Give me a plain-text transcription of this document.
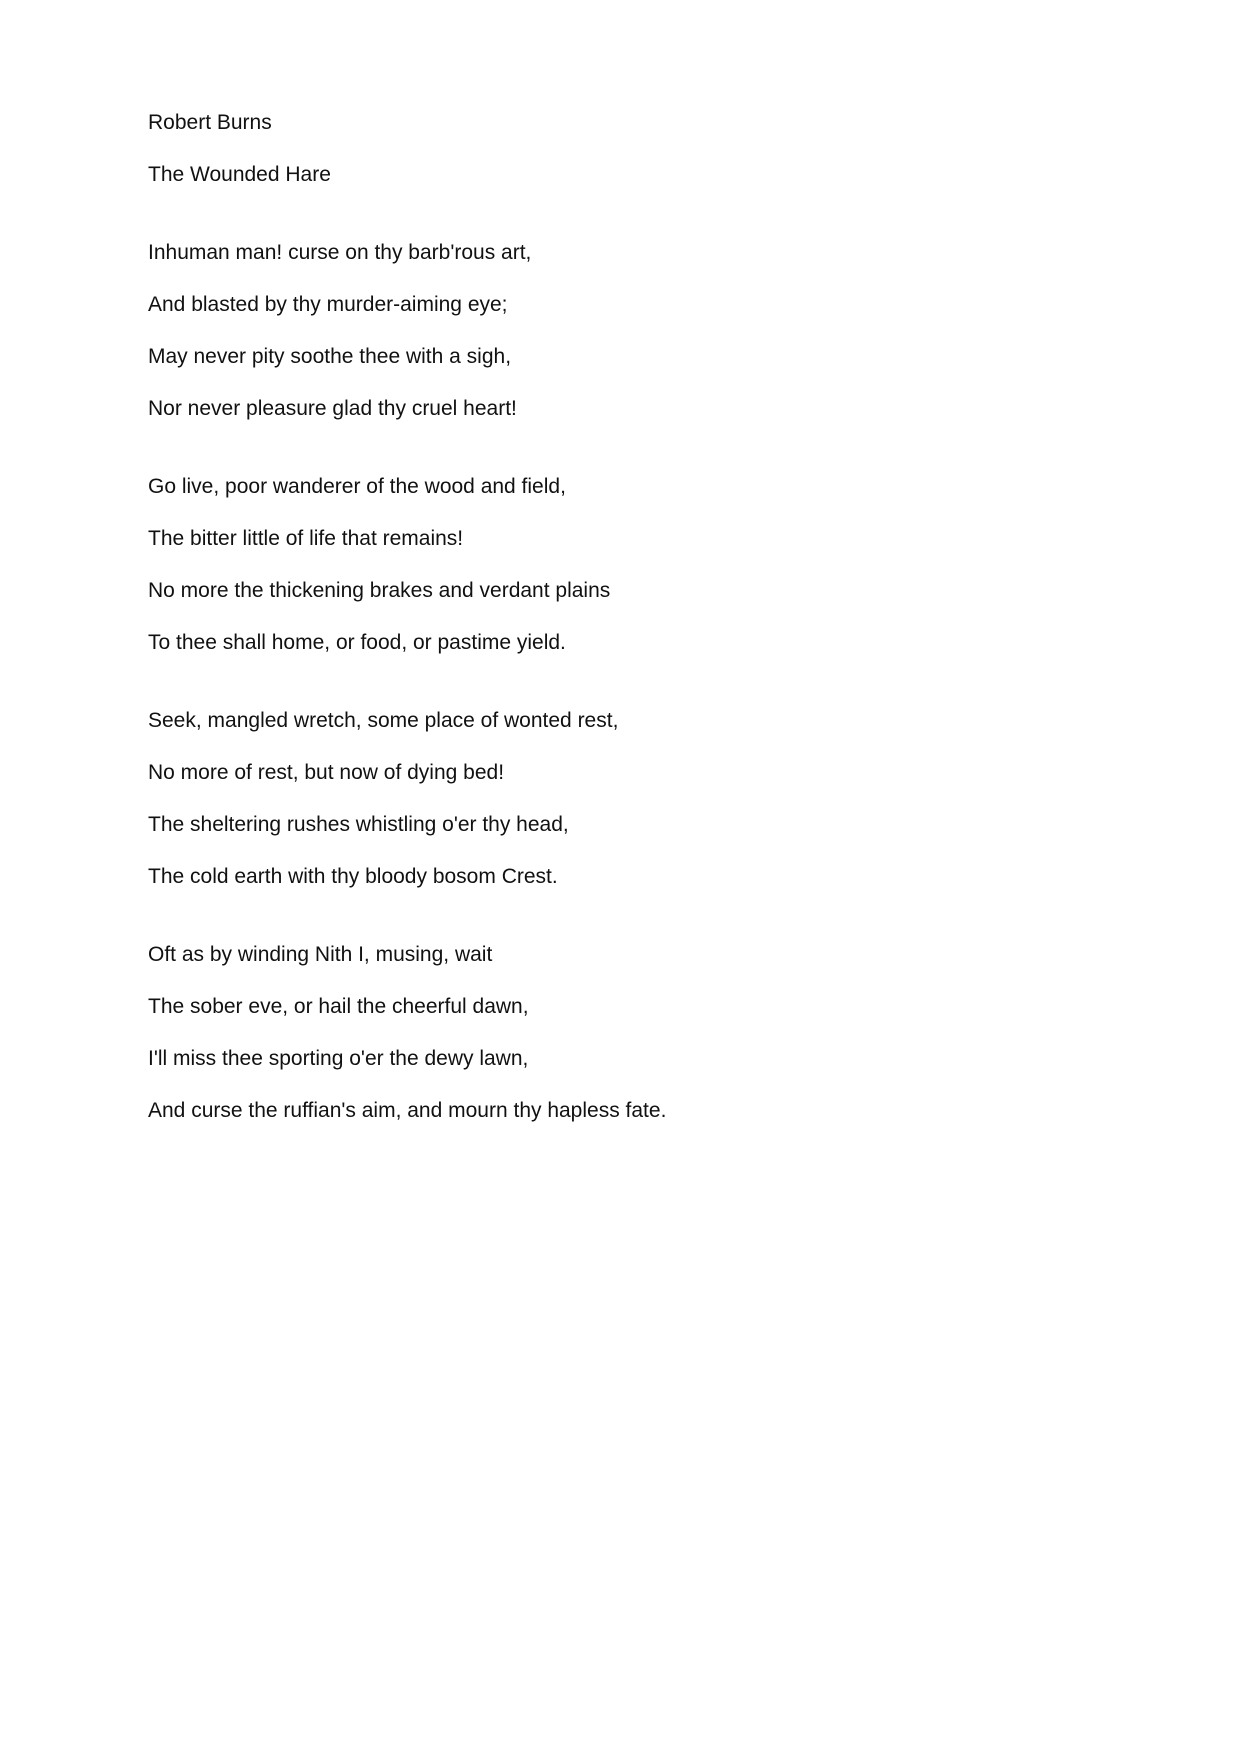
Robert Burns
The Wounded Hare
Inhuman man! curse on thy barb'rous art,
And blasted by thy murder-aiming eye;
May never pity soothe thee with a sigh,
Nor never pleasure glad thy cruel heart!
Go live, poor wanderer of the wood and field,
The bitter little of life that remains!
No more the thickening brakes and verdant plains
To thee shall home, or food, or pastime yield.
Seek, mangled wretch, some place of wonted rest,
No more of rest, but now of dying bed!
The sheltering rushes whistling o'er thy head,
The cold earth with thy bloody bosom Crest.
Oft as by winding Nith I, musing, wait
The sober eve, or hail the cheerful dawn,
I'll miss thee sporting o'er the dewy lawn,
And curse the ruffian's aim, and mourn thy hapless fate.
